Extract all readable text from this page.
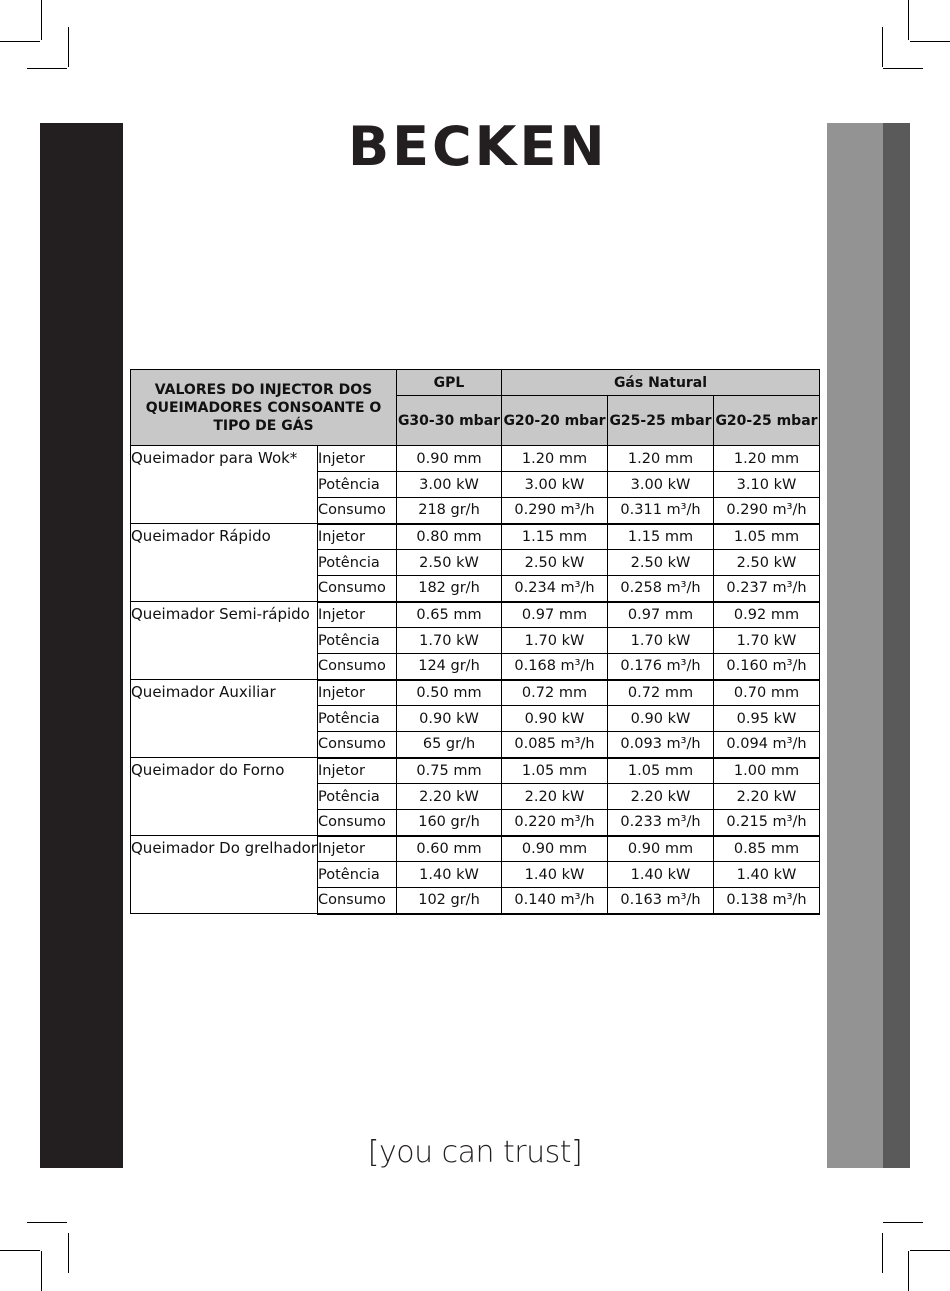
BECKEN
VALORES DO INJECTOR DOS QUEIMADORES CONSOANTE O TIPO DE GÁS		GPL	Gás Natural		
		G30-30 mbar	G20-20 mbar	G25-25 mbar	G20-25 mbar
Queimador para Wok*	Injetor	0.90 mm	1.20 mm	1.20 mm	1.20 mm
	Potência	3.00 kW	3.00 kW	3.00 kW	3.10 kW
	Consumo	218 gr/h	0.290 m³/h	0.311 m³/h	0.290 m³/h
Queimador Rápido	Injetor	0.80 mm	1.15 mm	1.15 mm	1.05 mm
	Potência	2.50 kW	2.50 kW	2.50 kW	2.50 kW
	Consumo	182 gr/h	0.234 m³/h	0.258 m³/h	0.237 m³/h
Queimador Semi-rápido	Injetor	0.65 mm	0.97 mm	0.97 mm	0.92 mm
	Potência	1.70 kW	1.70 kW	1.70 kW	1.70 kW
	Consumo	124 gr/h	0.168 m³/h	0.176 m³/h	0.160 m³/h
Queimador Auxiliar	Injetor	0.50 mm	0.72 mm	0.72 mm	0.70 mm
	Potência	0.90 kW	0.90 kW	0.90 kW	0.95 kW
	Consumo	65 gr/h	0.085 m³/h	0.093 m³/h	0.094 m³/h
Queimador do Forno	Injetor	0.75 mm	1.05 mm	1.05 mm	1.00 mm
	Potência	2.20 kW	2.20 kW	2.20 kW	2.20 kW
	Consumo	160 gr/h	0.220 m³/h	0.233 m³/h	0.215 m³/h
Queimador Do grelhador	Injetor	0.60 mm	0.90 mm	0.90 mm	0.85 mm
	Potência	1.40 kW	1.40 kW	1.40 kW	1.40 kW
	Consumo	102 gr/h	0.140 m³/h	0.163 m³/h	0.138 m³/h
[you can trust]
